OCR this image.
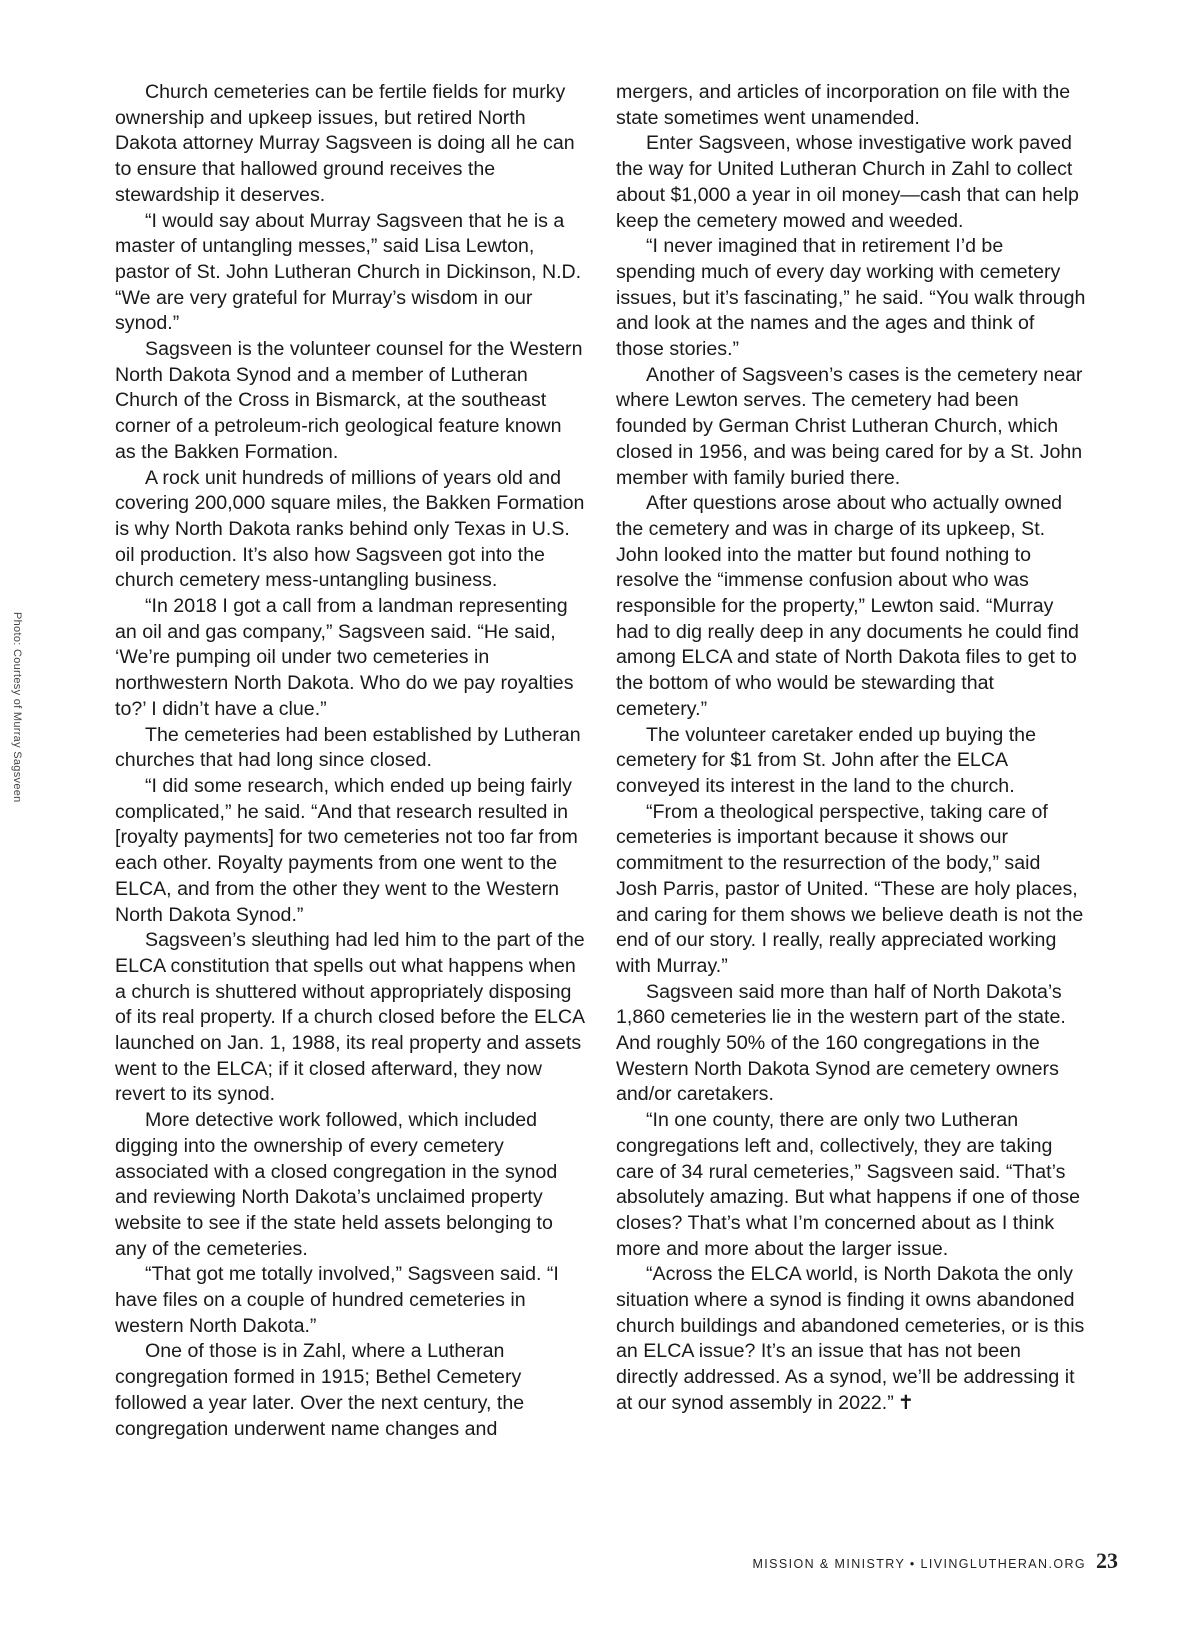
Photo: Courtesy of Murray Sagsveen

Church cemeteries can be fertile fields for murky ownership and upkeep issues, but retired North Dakota attorney Murray Sagsveen is doing all he can to ensure that hallowed ground receives the stewardship it deserves.

“I would say about Murray Sagsveen that he is a master of untangling messes,” said Lisa Lewton, pastor of St. John Lutheran Church in Dickinson, N.D. “We are very grateful for Murray’s wisdom in our synod.”

Sagsveen is the volunteer counsel for the Western North Dakota Synod and a member of Lutheran Church of the Cross in Bismarck, at the southeast corner of a petroleum-rich geological feature known as the Bakken Formation.

A rock unit hundreds of millions of years old and covering 200,000 square miles, the Bakken Formation is why North Dakota ranks behind only Texas in U.S. oil production. It’s also how Sagsveen got into the church cemetery mess-untangling business.

“In 2018 I got a call from a landman representing an oil and gas company,” Sagsveen said. “He said, ‘We’re pumping oil under two cemeteries in northwestern North Dakota. Who do we pay royalties to?’ I didn’t have a clue.”

The cemeteries had been established by Lutheran churches that had long since closed.

“I did some research, which ended up being fairly complicated,” he said. “And that research resulted in [royalty payments] for two cemeteries not too far from each other. Royalty payments from one went to the ELCA, and from the other they went to the Western North Dakota Synod.”

Sagsveen’s sleuthing had led him to the part of the ELCA constitution that spells out what happens when a church is shuttered without appropriately disposing of its real property. If a church closed before the ELCA launched on Jan. 1, 1988, its real property and assets went to the ELCA; if it closed afterward, they now revert to its synod.

More detective work followed, which included digging into the ownership of every cemetery associated with a closed congregation in the synod and reviewing North Dakota’s unclaimed property website to see if the state held assets belonging to any of the cemeteries.

“That got me totally involved,” Sagsveen said. “I have files on a couple of hundred cemeteries in western North Dakota.”

One of those is in Zahl, where a Lutheran congregation formed in 1915; Bethel Cemetery followed a year later. Over the next century, the congregation underwent name changes and

mergers, and articles of incorporation on file with the state sometimes went unamended.

Enter Sagsveen, whose investigative work paved the way for United Lutheran Church in Zahl to collect about $1,000 a year in oil money—cash that can help keep the cemetery mowed and weeded.

“I never imagined that in retirement I’d be spending much of every day working with cemetery issues, but it’s fascinating,” he said. “You walk through and look at the names and the ages and think of those stories.”

Another of Sagsveen’s cases is the cemetery near where Lewton serves. The cemetery had been founded by German Christ Lutheran Church, which closed in 1956, and was being cared for by a St. John member with family buried there.

After questions arose about who actually owned the cemetery and was in charge of its upkeep, St. John looked into the matter but found nothing to resolve the “immense confusion about who was responsible for the property,” Lewton said. “Murray had to dig really deep in any documents he could find among ELCA and state of North Dakota files to get to the bottom of who would be stewarding that cemetery.”

The volunteer caretaker ended up buying the cemetery for $1 from St. John after the ELCA conveyed its interest in the land to the church.

“From a theological perspective, taking care of cemeteries is important because it shows our commitment to the resurrection of the body,” said Josh Parris, pastor of United. “These are holy places, and caring for them shows we believe death is not the end of our story. I really, really appreciated working with Murray.”

Sagsveen said more than half of North Dakota’s 1,860 cemeteries lie in the western part of the state. And roughly 50% of the 160 congregations in the Western North Dakota Synod are cemetery owners and/or caretakers.

“In one county, there are only two Lutheran congregations left and, collectively, they are taking care of 34 rural cemeteries,” Sagsveen said. “That’s absolutely amazing. But what happens if one of those closes? That’s what I’m concerned about as I think more and more about the larger issue.

“Across the ELCA world, is North Dakota the only situation where a synod is finding it owns abandoned church buildings and abandoned cemeteries, or is this an ELCA issue? It’s an issue that has not been directly addressed. As a synod, we’ll be addressing it at our synod assembly in 2022.” ✝

MISSION & MINISTRY • LIVINGLUTHERAN.ORG 23
